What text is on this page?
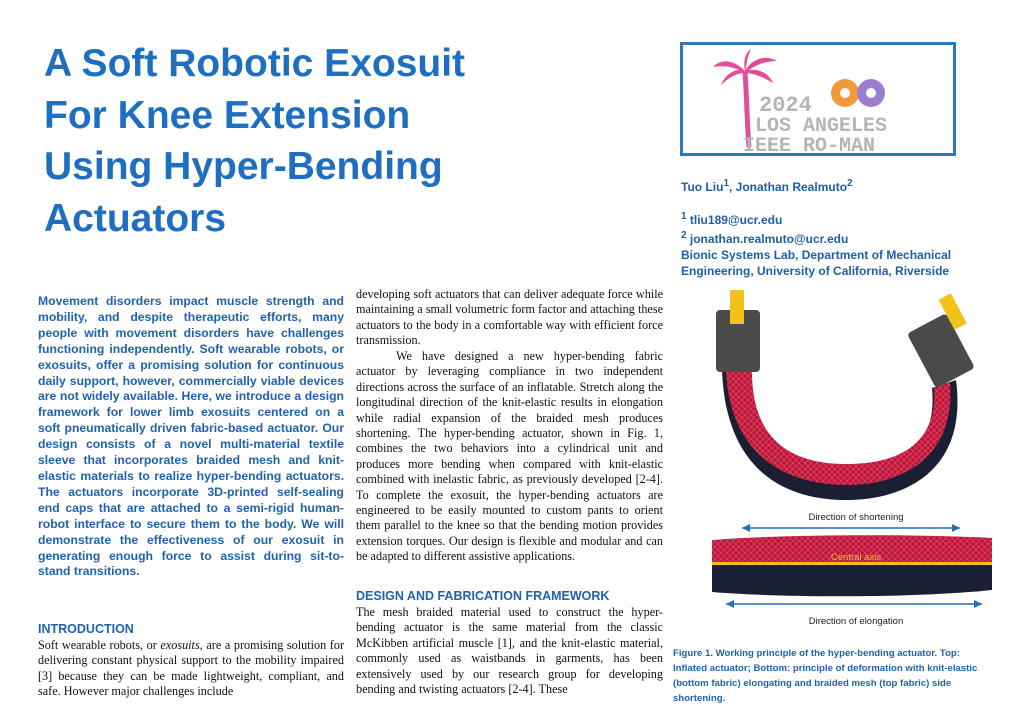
A Soft Robotic Exosuit
For Knee Extension
Using Hyper-Bending
Actuators
2024
LOS ANGELES
IEEE RO-MAN
Tuo Liu$^1$, Jonathan Realmuto$^2$
$^1$ tliu189@ucr.edu
$^2$ jonathan.realmuto@ucr.edu
Bionic Systems Lab, Department of Mechanical
Engineering, University of California, Riverside

Movement disorders impact muscle strength and mobility, and despite therapeutic efforts, many people with movement disorders have challenges functioning independently. Soft wearable robots, or exosuits, offer a promising solution for continuous daily support, however, commercially viable devices are not widely available. Here, we introduce a design framework for lower limb exosuits centered on a soft pneumatically driven fabric-based actuator. Our design consists of a novel multi-material textile sleeve that incorporates braided mesh and knit-elastic materials to realize hyper-bending actuators. The actuators incorporate 3D-printed self-sealing end caps that are attached to a semi-rigid human-robot interface to secure them to the body. We will demonstrate the effectiveness of our exosuit in generating enough force to assist during sit-to-stand transitions.

INTRODUCTION

Soft wearable robots, or exosuits, are a promising solution for delivering constant physical support to the mobility impaired [3] because they can be made lightweight, compliant, and safe. However major challenges include

developing soft actuators that can deliver adequate force while maintaining a small volumetric form factor and attaching these actuators to the body in a comfortable way with efficient force transmission.

We have designed a new hyper-bending fabric actuator by leveraging compliance in two independent directions across the surface of an inflatable. Stretch along the longitudinal direction of the knit-elastic results in elongation while radial expansion of the braided mesh produces shortening. The hyper-bending actuator, shown in Fig. 1, combines the two behaviors into a cylindrical unit and produces more bending when compared with knit-elastic combined with inelastic fabric, as previously developed [2-4]. To complete the exosuit, the hyper-bending actuators are engineered to be easily mounted to custom pants to orient them parallel to the knee so that the bending motion provides extension torques. Our design is flexible and modular and can be adapted to different assistive applications.

DESIGN AND FABRICATION FRAMEWORK

The mesh braided material used to construct the hyper-bending actuator is the same material from the classic McKibben artificial muscle [1], and the knit-elastic material, commonly used as waistbands in garments, has been extensively used by our research group for developing bending and twisting actuators [2-4]. These

Direction of shortening
Central axis
Direction of elongation

Figure 1. Working principle of the hyper-bending actuator. Top: Inflated actuator; Bottom: principle of deformation with knit-elastic (bottom fabric) elongating and braided mesh (top fabric) side shortening.
